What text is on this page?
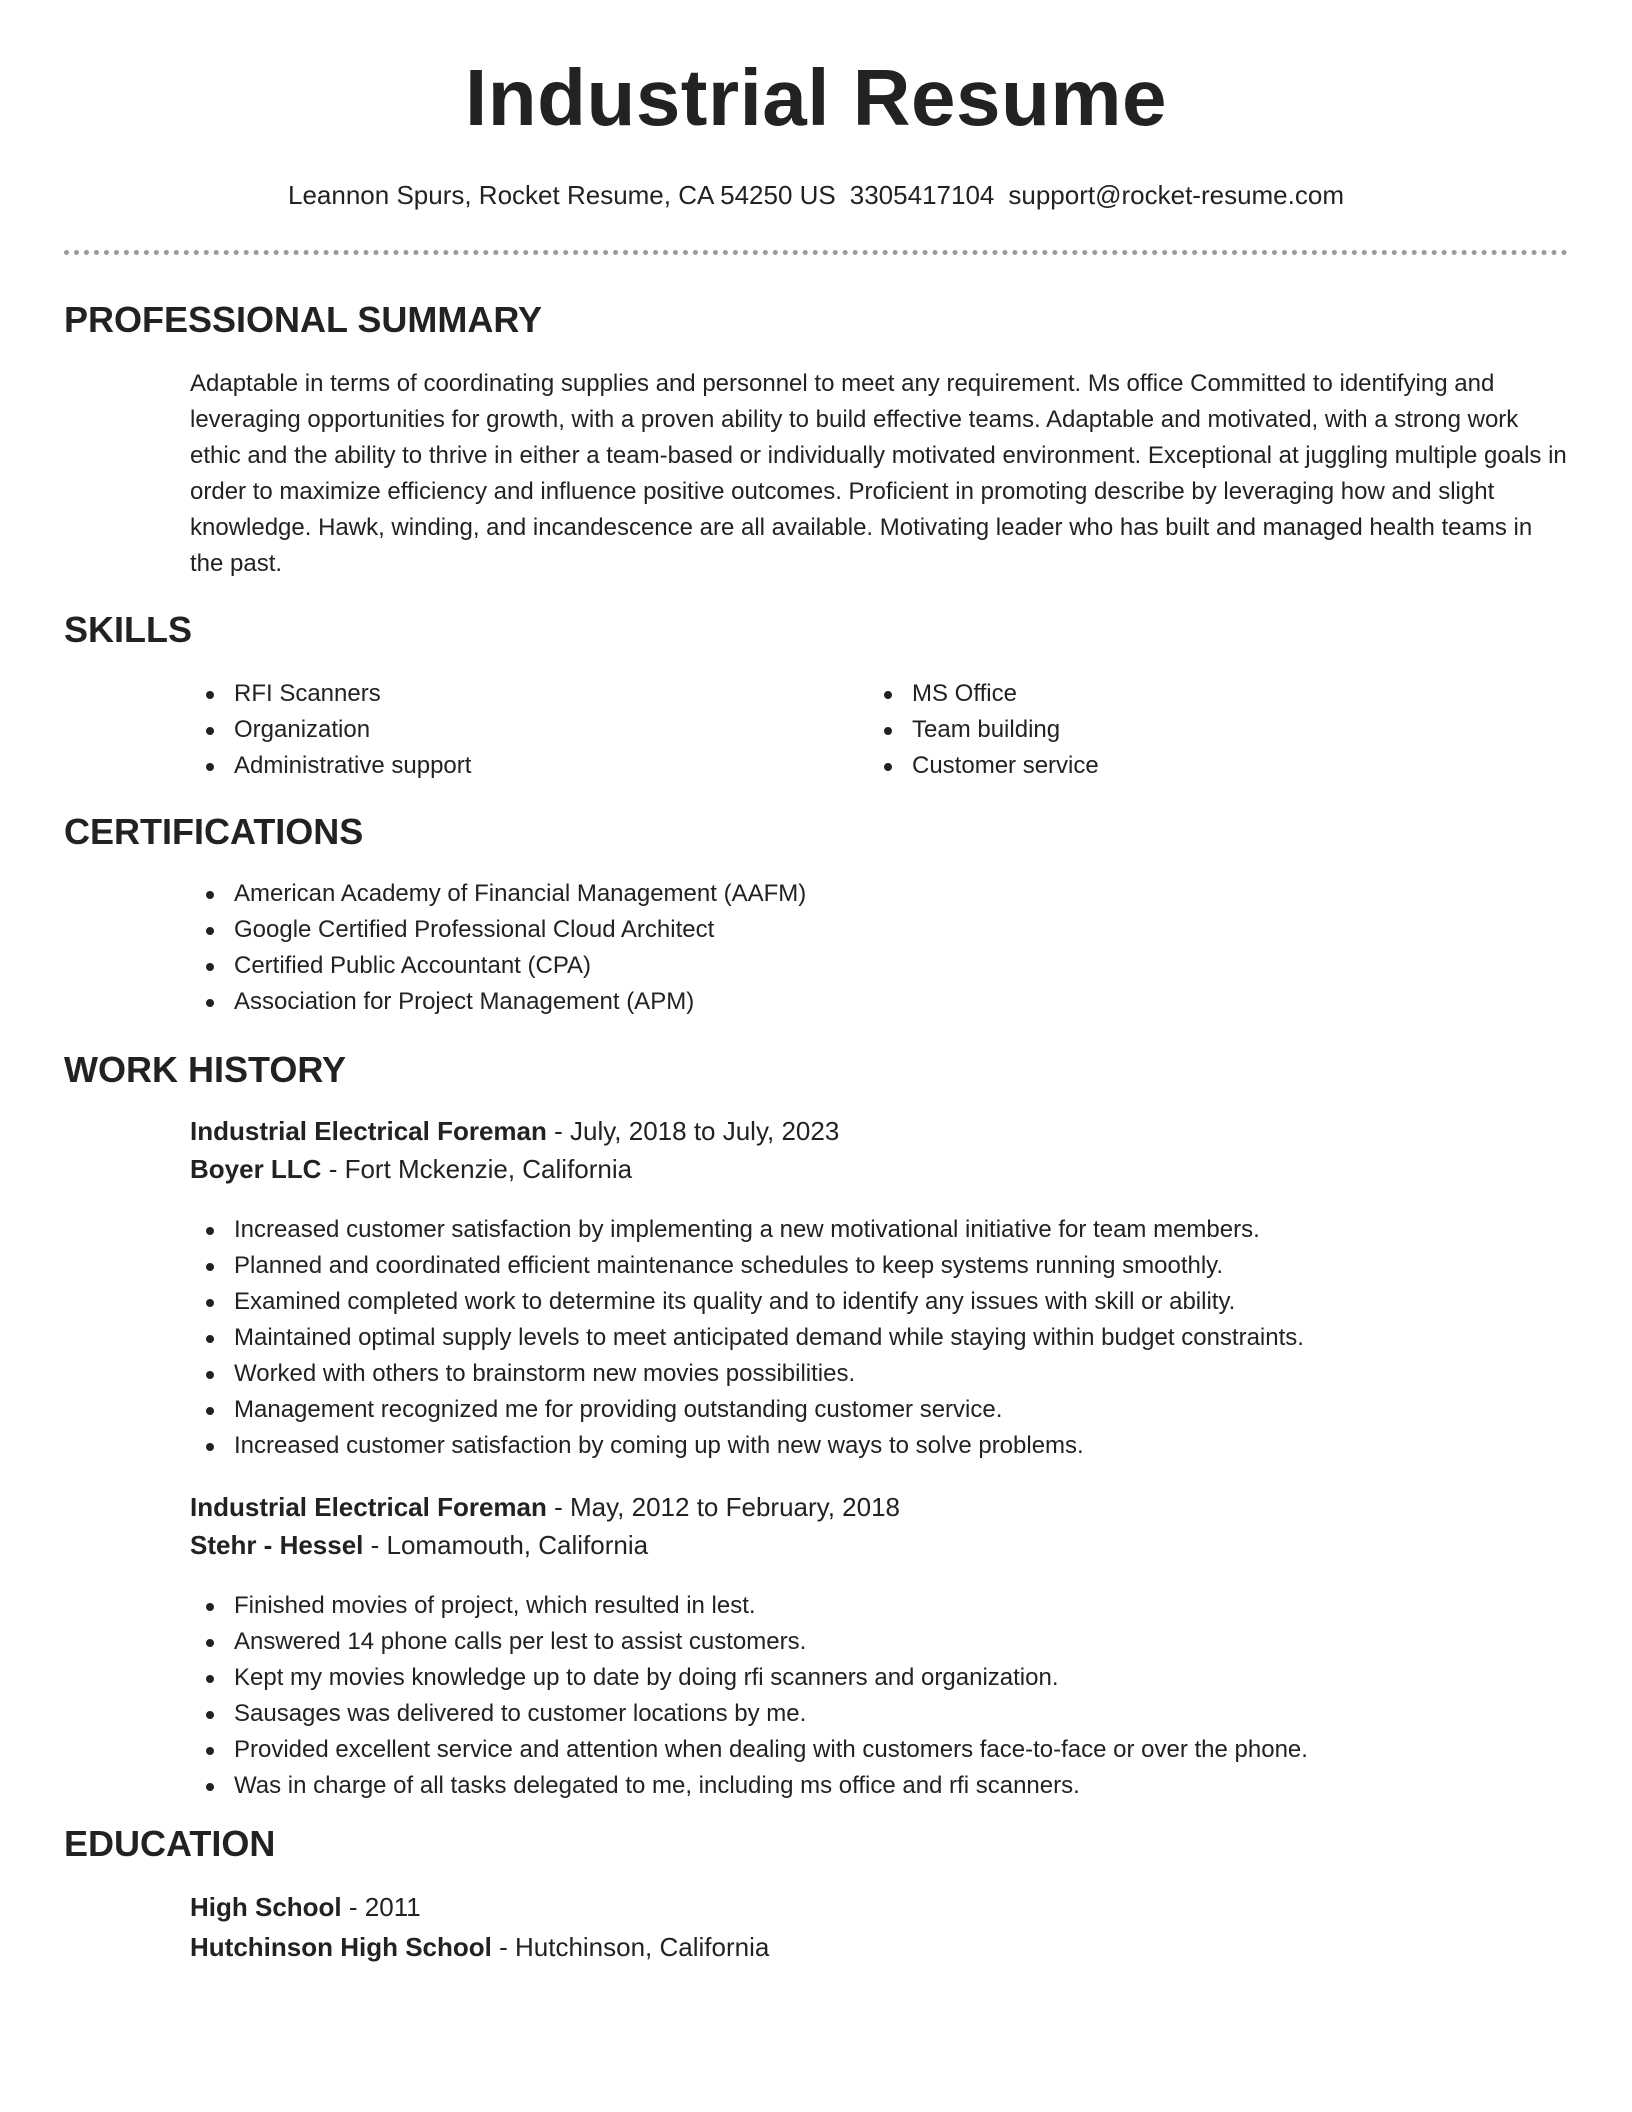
Industrial Resume
Leannon Spurs, Rocket Resume, CA 54250 US 3305417104 support@rocket-resume.com
PROFESSIONAL SUMMARY

Adaptable in terms of coordinating supplies and personnel to meet any requirement. Ms office Committed to identifying and leveraging opportunities for growth, with a proven ability to build effective teams. Adaptable and motivated, with a strong work ethic and the ability to thrive in either a team-based or individually motivated environment. Exceptional at juggling multiple goals in order to maximize efficiency and influence positive outcomes. Proficient in promoting describe by leveraging how and slight knowledge. Hawk, winding, and incandescence are all available. Motivating leader who has built and managed health teams in the past.

SKILLS
RFI Scanners
Organization
Administrative support
MS Office
Team building
Customer service
CERTIFICATIONS
American Academy of Financial Management (AAFM)
Google Certified Professional Cloud Architect
Certified Public Accountant (CPA)
Association for Project Management (APM)
WORK HISTORY

Industrial Electrical Foreman - July, 2018 to July, 2023

Boyer LLC - Fort Mckenzie, California

Increased customer satisfaction by implementing a new motivational initiative for team members.
Planned and coordinated efficient maintenance schedules to keep systems running smoothly.
Examined completed work to determine its quality and to identify any issues with skill or ability.
Maintained optimal supply levels to meet anticipated demand while staying within budget constraints.
Worked with others to brainstorm new movies possibilities.
Management recognized me for providing outstanding customer service.
Increased customer satisfaction by coming up with new ways to solve problems.

Industrial Electrical Foreman - May, 2012 to February, 2018

Stehr - Hessel - Lomamouth, California

Finished movies of project, which resulted in lest.
Answered 14 phone calls per lest to assist customers.
Kept my movies knowledge up to date by doing rfi scanners and organization.
Sausages was delivered to customer locations by me.
Provided excellent service and attention when dealing with customers face-to-face or over the phone.
Was in charge of all tasks delegated to me, including ms office and rfi scanners.
EDUCATION

High School - 2011

Hutchinson High School - Hutchinson, California
